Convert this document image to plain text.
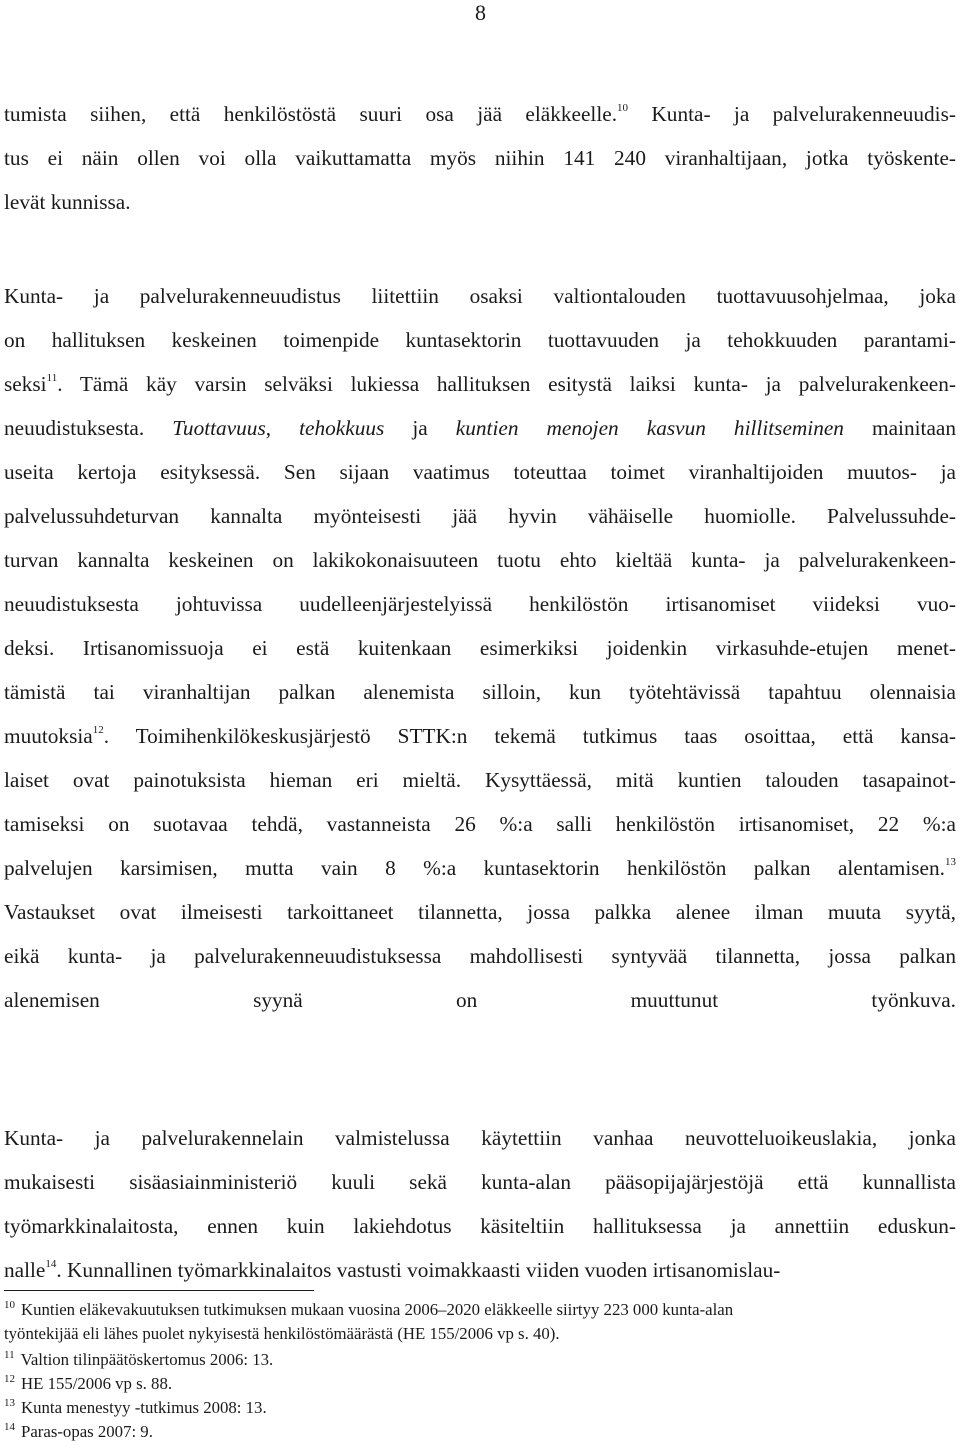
8
tumista siihen, että henkilöstöstä suuri osa jää eläkkeelle.$^{10}$ Kunta- ja palvelurakenneuudis-
tus ei näin ollen voi olla vaikuttamatta myös niihin 141 240 viranhaltijaan, jotka työskente-
levät kunnissa.
Kunta- ja palvelurakenneuudistus liitettiin osaksi valtiontalouden tuottavuusohjelmaa, joka
on hallituksen keskeinen toimenpide kuntasektorin tuottavuuden ja tehokkuuden parantami-
seksi$^{11}$. Tämä käy varsin selväksi lukiessa hallituksen esitystä laiksi kunta- ja palvelurakenkeen-
neuudistuksesta. Tuottavuus, tehokkuus ja kuntien menojen kasvun hillitseminen mainitaan
useita kertoja esityksessä. Sen sijaan vaatimus toteuttaa toimet viranhaltijoiden muutos- ja
palvelussuhdeturvan kannalta myönteisesti jää hyvin vähäiselle huomiolle. Palvelussuhde-
turvan kannalta keskeinen on lakikokonaisuuteen tuotu ehto kieltää kunta- ja palvelurakenkeen-
neuudistuksesta johtuvissa uudelleenjärjestelyissä henkilöstön irtisanomiset viideksi vuo-
deksi. Irtisanomissuoja ei estä kuitenkaan esimerkiksi joidenkin virkasuhde-etujen menet-
tämistä tai viranhaltijan palkan alenemista silloin, kun työtehtävissä tapahtuu olennaisia
muutoksia$^{12}$. Toimihenkilökeskusjärjestö STTK:n tekemä tutkimus taas osoittaa, että kansa-
laiset ovat painotuksista hieman eri mieltä. Kysyttäessä, mitä kuntien talouden tasapainot-
tamiseksi on suotavaa tehdä, vastanneista 26 %:a salli henkilöstön irtisanomiset, 22 %:a
palvelujen karsimisen, mutta vain 8 %:a kuntasektorin henkilöstön palkan alentamisen.$^{13}$
Vastaukset ovat ilmeisesti tarkoittaneet tilannetta, jossa palkka alenee ilman muuta syytä,
eikä kunta- ja palvelurakenneuudistuksessa mahdollisesti syntyvää tilannetta, jossa palkan
alenemisen syynä on muuttunut työnkuva.
Kunta- ja palvelurakennelain valmistelussa käytettiin vanhaa neuvotteluoikeuslakia, jonka
mukaisesti sisäasiainministeriö kuuli sekä kunta-alan pääsopijajärjestöjä että kunnallista
työmarkkinalaitosta, ennen kuin lakiehdotus käsiteltiin hallituksessa ja annettiin eduskun-
nalle$^{14}$. Kunnallinen työmarkkinalaitos vastusti voimakkaasti viiden vuoden irtisanomislau-
$^{10}$ Kuntien eläkevakuutuksen tutkimuksen mukaan vuosina 2006–2020 eläkkeelle siirtyy 223 000 kunta-alan
työntekijää eli lähes puolet nykyisestä henkilöstömäärästä (HE 155/2006 vp s. 40).
$^{11}$ Valtion tilinpäätöskertomus 2006: 13.
$^{12}$ HE 155/2006 vp s. 88.
$^{13}$ Kunta menestyy -tutkimus 2008: 13.
$^{14}$ Paras-opas 2007: 9.
